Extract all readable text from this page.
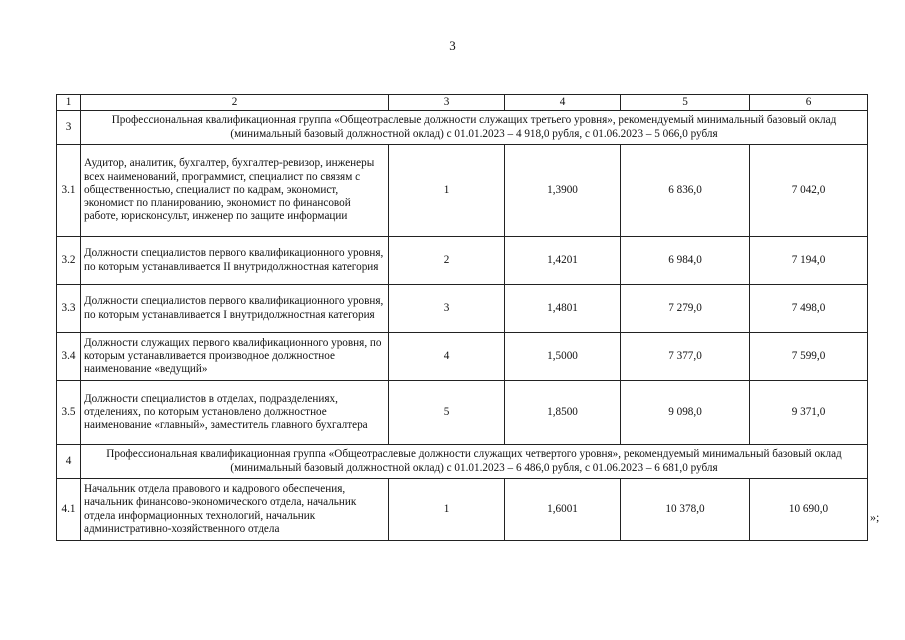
3
1	2	3	4	5	6
3	Профессиональная квалификационная группа «Общеотраслевые должности служащих третьего уровня», рекомендуемый минимальный базовый оклад (минимальный базовый должностной оклад) с 01.01.2023 – 4 918,0 рубля, с 01.06.2023 – 5 066,0 рубля				
3.1	Аудитор, аналитик, бухгалтер, бухгалтер-ревизор, инженеры всех наименований, программист, специалист по связям с общественностью, специалист по кадрам, экономист, экономист по планированию, экономист по финансовой работе, юрисконсульт, инженер по защите информации	1	1,3900	6 836,0	7 042,0
3.2	Должности специалистов первого квалификационного уровня, по которым устанавливается II внутридолжностная категория	2	1,4201	6 984,0	7 194,0
3.3	Должности специалистов первого квалификационного уровня, по которым устанавливается I внутридолжностная категория	3	1,4801	7 279,0	7 498,0
3.4	Должности служащих первого квалификационного уровня, по которым устанавливается производное должностное наименование «ведущий»	4	1,5000	7 377,0	7 599,0
3.5	Должности специалистов в отделах, подразделениях, отделениях, по которым установлено должностное наименование «главный», заместитель главного бухгалтера	5	1,8500	9 098,0	9 371,0
4	Профессиональная квалификационная группа «Общеотраслевые должности служащих четвертого уровня», рекомендуемый минимальный базовый оклад (минимальный базовый должностной оклад) с 01.01.2023 – 6 486,0 рубля, с 01.06.2023 – 6 681,0 рубля				
4.1	Начальник отдела правового и кадрового обеспечения, начальник финансово-экономического отдела, начальник отдела информационных технологий, начальник административно-хозяйственного отдела	1	1,6001	10 378,0	10 690,0
»;
